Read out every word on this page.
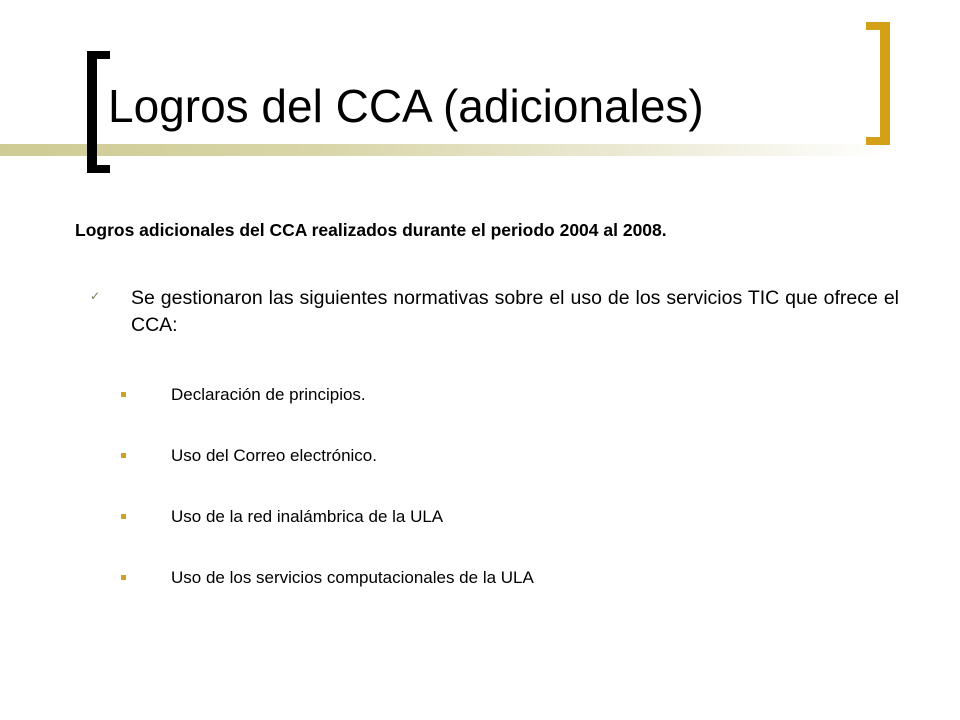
Logros del CCA (adicionales)

Logros adicionales del CCA realizados durante el periodo 2004 al 2008.

✓ Se gestionaron las siguientes normativas sobre el uso de los servicios TIC que ofrece el CCA:

Declaración de principios.
Uso del Correo electrónico.
Uso de la red inalámbrica de la ULA
Uso de los servicios computacionales de la ULA
